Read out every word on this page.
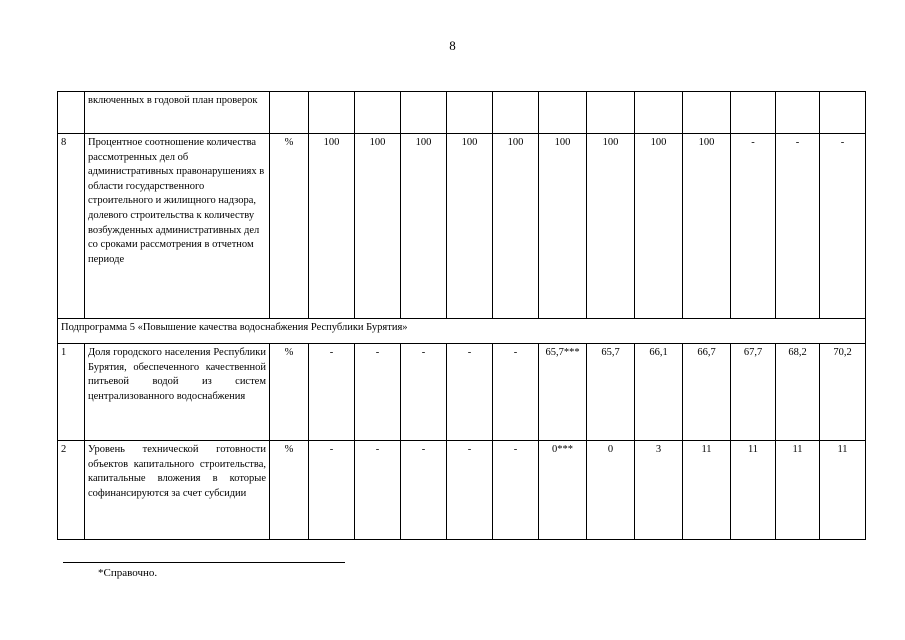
8
	включенных в годовой план проверок													
8	Процентное соотношение количества рассмотренных дел об административных правонарушениях в области государственного строительного и жилищного надзора, долевого строительства к количеству возбужденных административных дел со сроками рассмотрения в отчетном периоде	%	100	100	100	100	100	100	100	100	100	-	-	-
Подпрограмма 5 «Повышение качества водоснабжения Республики Бурятия»														
1	Доля городского населения Республики Бурятия, обеспеченного качественной питьевой водой из систем централизованного водоснабжения	%	-	-	-	-	-	65,7***	65,7	66,1	66,7	67,7	68,2	70,2
2	Уровень технической готовности объектов капитального строительства, капитальные вложения в которые софинансируются за счет субсидии	%	-	-	-	-	-	0***	0	3	11	11	11	11
*Справочно.
